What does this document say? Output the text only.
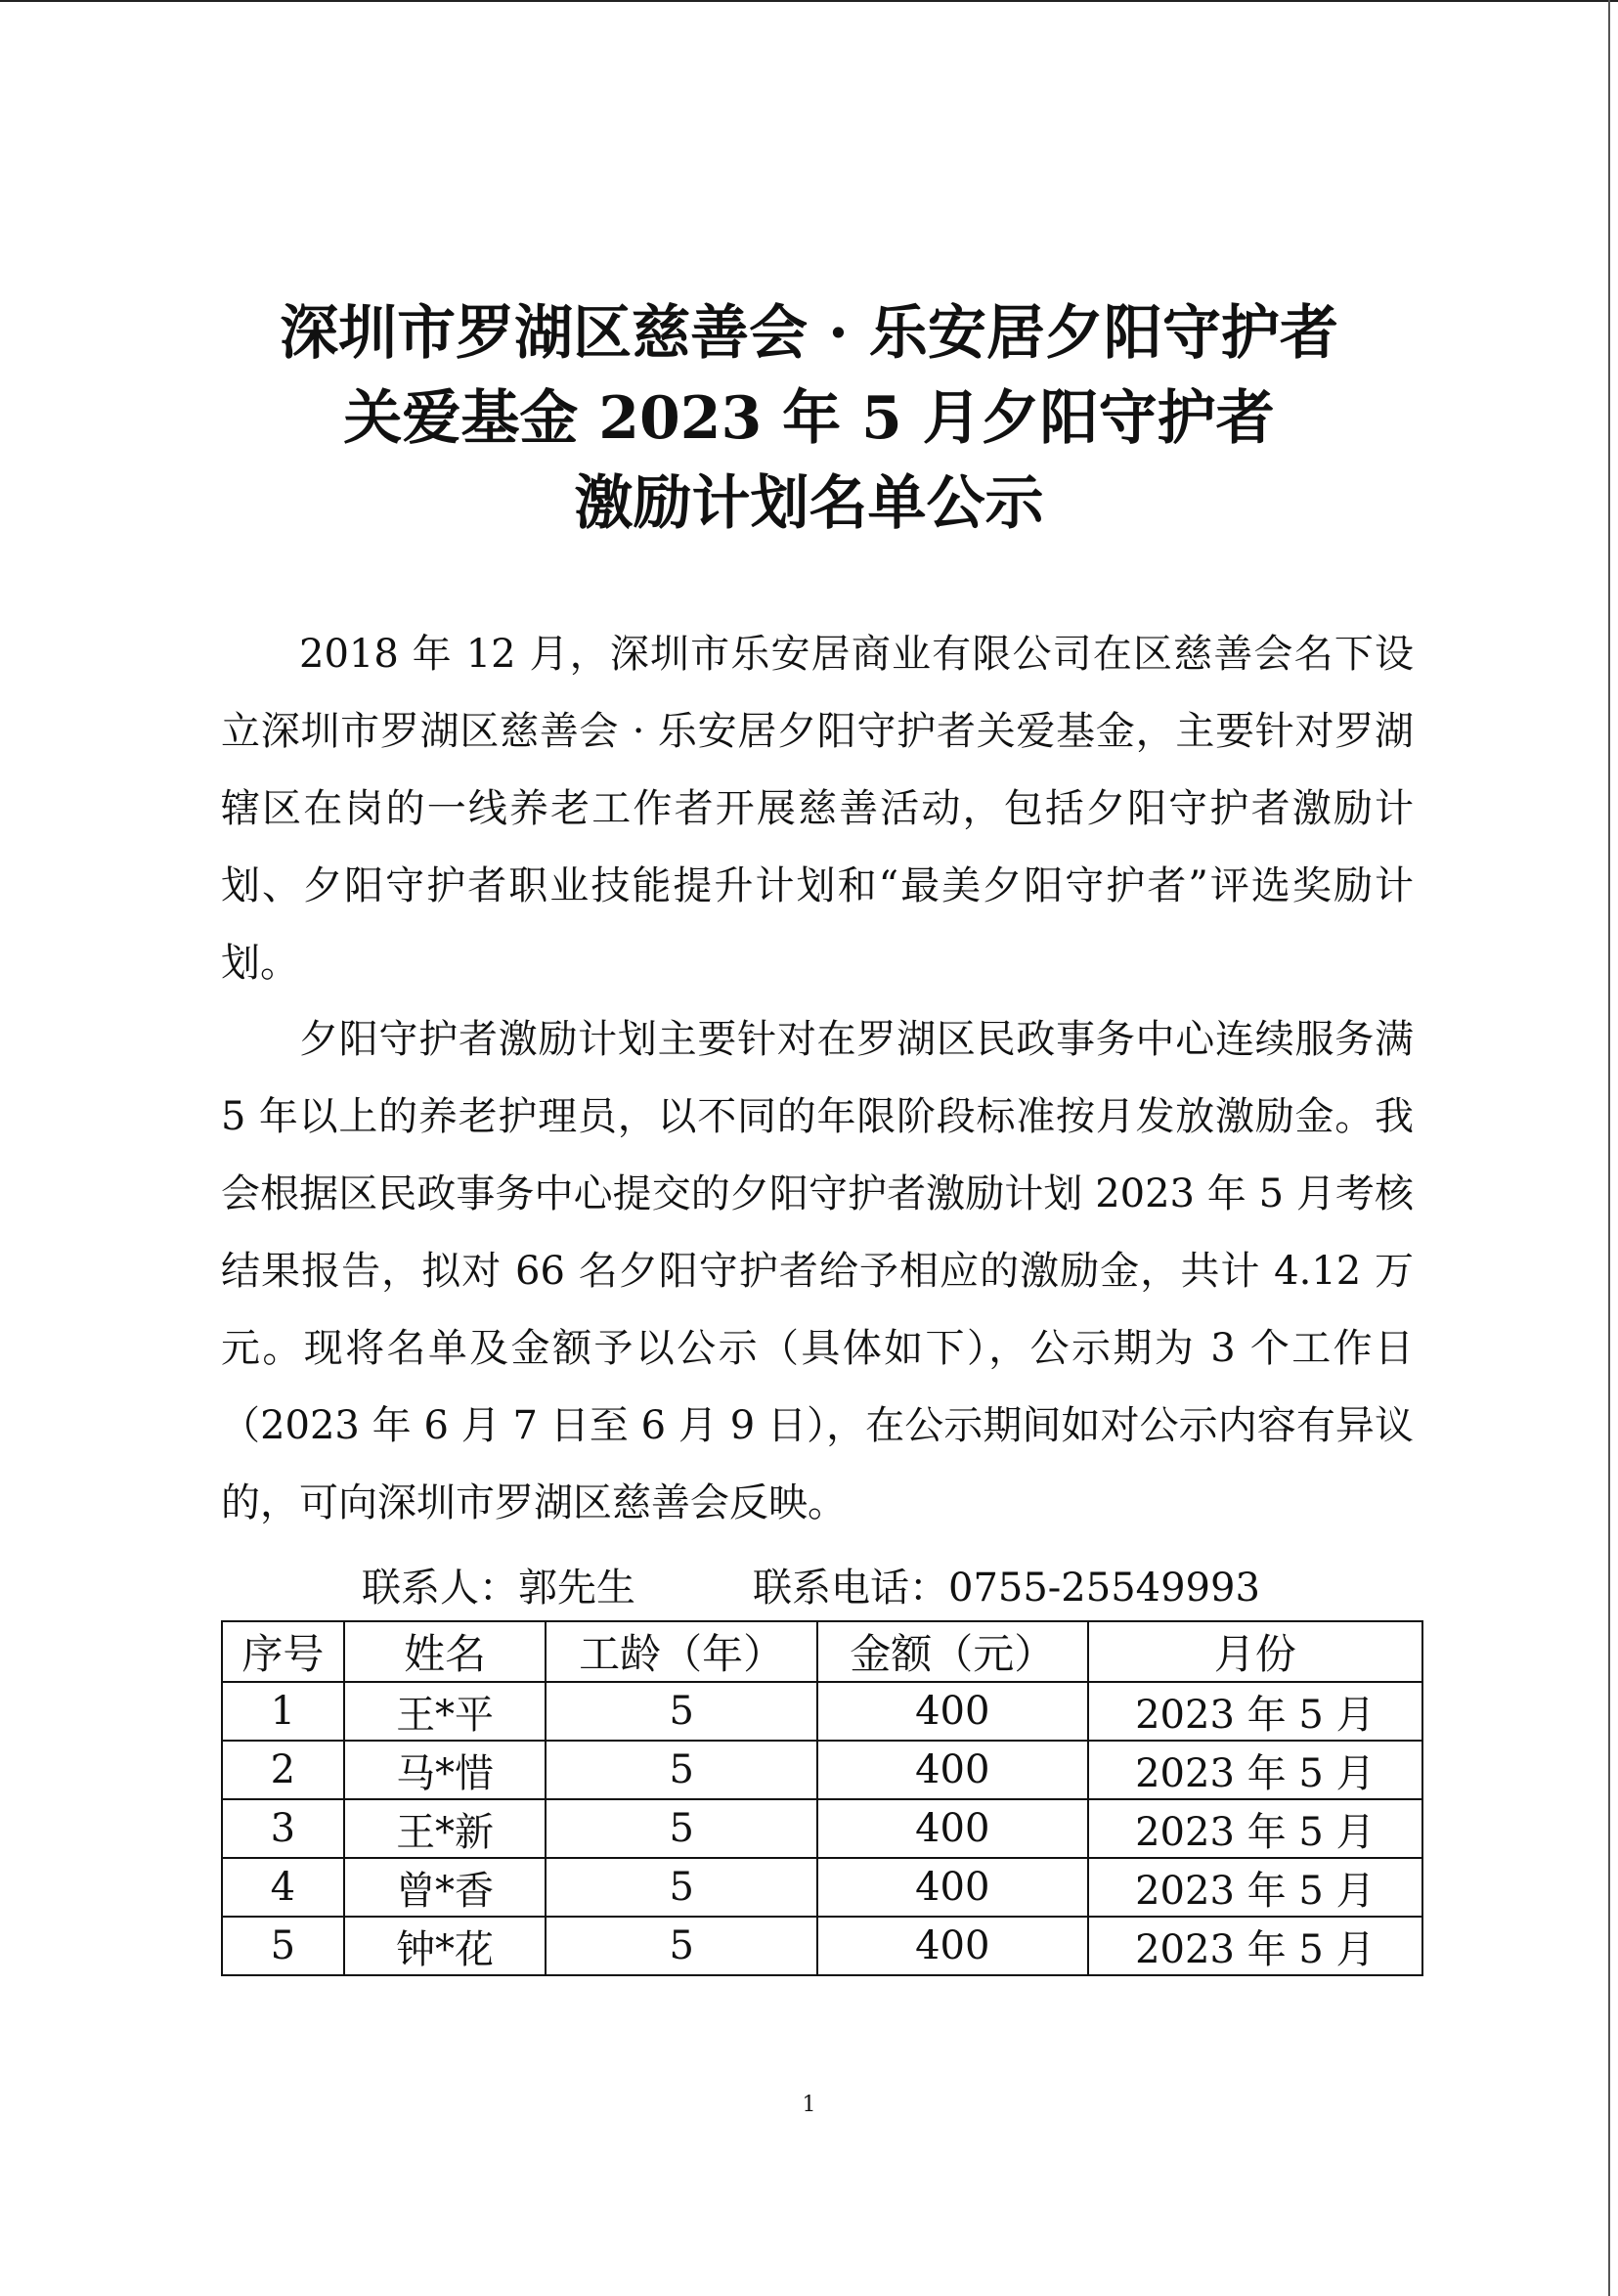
深圳市罗湖区慈善会 · 乐安居夕阳守护者
关爱基金 2023 年 5 月夕阳守护者
激励计划名单公示
2018 年 12 月，深圳市乐安居商业有限公司在区慈善会名下设立深圳市罗湖区慈善会 · 乐安居夕阳守护者关爱基金，主要针对罗湖辖区在岗的一线养老工作者开展慈善活动，包括夕阳守护者激励计划、夕阳守护者职业技能提升计划和“最美夕阳守护者”评选奖励计划。
夕阳守护者激励计划主要针对在罗湖区民政事务中心连续服务满 5 年以上的养老护理员，以不同的年限阶段标准按月发放激励金。我会根据区民政事务中心提交的夕阳守护者激励计划 2023 年 5 月考核结果报告，拟对 66 名夕阳守护者给予相应的激励金，共计 4.12 万元。现将名单及金额予以公示（具体如下），公示期为 3 个工作日（2023 年 6 月 7 日至 6 月 9 日），在公示期间如对公示内容有异议的，可向深圳市罗湖区慈善会反映。
联系人：郭先生	联系电话：0755-25549993
序号	姓名	工龄（年）	金额（元）	月份
1	王*平	5	400	2023 年 5 月
2	马*惜	5	400	2023 年 5 月
3	王*新	5	400	2023 年 5 月
4	曾*香	5	400	2023 年 5 月
5	钟*花	5	400	2023 年 5 月
1
